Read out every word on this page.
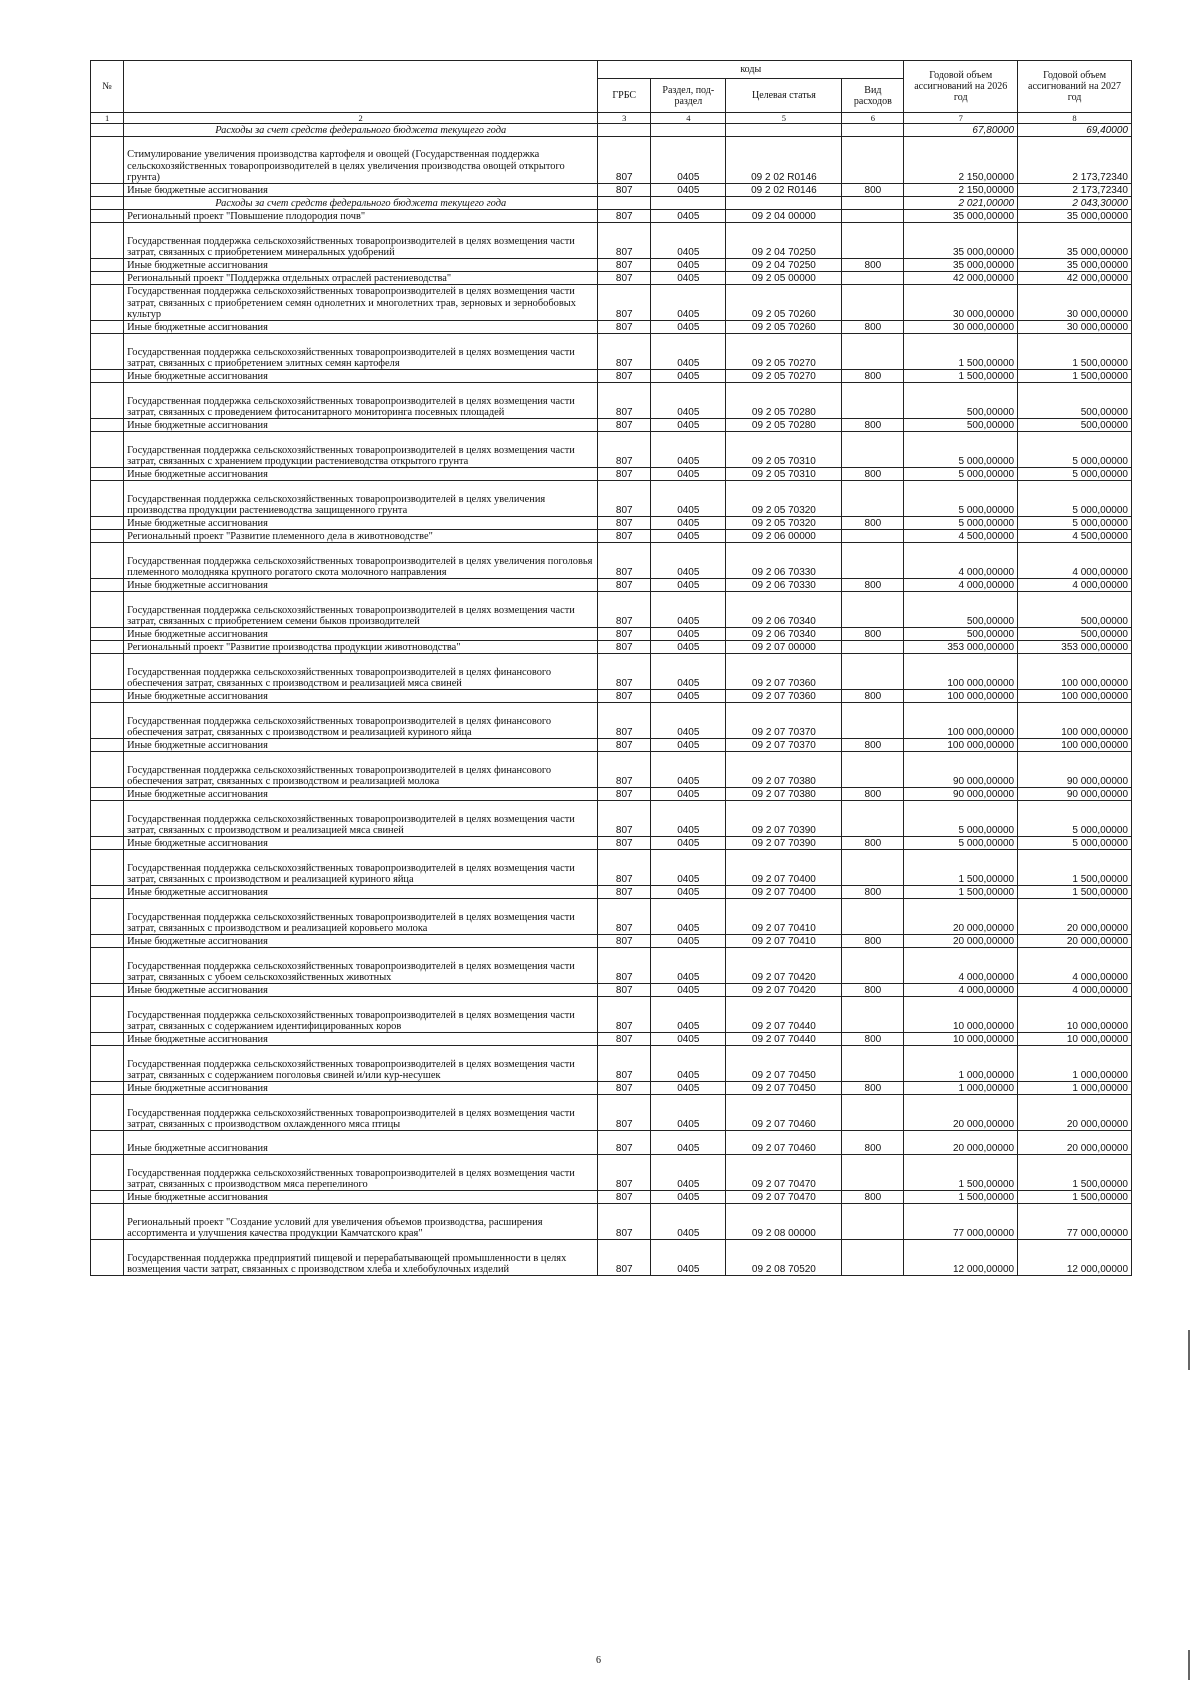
№		коды				Годовой объем ассигнований на 2026 год	Годовой объем ассигнований на 2027 год
		ГРБС	Раздел, под-раздел	Целевая статья	Вид расходов		
1	2	3	4	5	6	7	8
	Расходы за счет средств федерального бюджета текущего года					67,80000	69,40000
	Стимулирование увеличения производства картофеля и овощей (Государственная поддержка сельскохозяйственных товаропроизводителей в целях увеличения производства овощей открытого грунта)	807	0405	09 2 02 R0146		2 150,00000	2 173,72340
	Иные бюджетные ассигнования	807	0405	09 2 02 R0146	800	2 150,00000	2 173,72340
	Расходы за счет средств федерального бюджета текущего года					2 021,00000	2 043,30000
	Региональный проект "Повышение плодородия почв"	807	0405	09 2 04 00000		35 000,00000	35 000,00000
	Государственная поддержка сельскохозяйственных товаропроизводителей в целях возмещения части затрат, связанных с приобретением минеральных удобрений	807	0405	09 2 04 70250		35 000,00000	35 000,00000
	Иные бюджетные ассигнования	807	0405	09 2 04 70250	800	35 000,00000	35 000,00000
	Региональный проект "Поддержка отдельных отраслей растениеводства"	807	0405	09 2 05 00000		42 000,00000	42 000,00000
	Государственная поддержка сельскохозяйственных товаропроизводителей в целях возмещения части затрат, связанных с приобретением семян однолетних и многолетних трав, зерновых и зернобобовых культур	807	0405	09 2 05 70260		30 000,00000	30 000,00000
	Иные бюджетные ассигнования	807	0405	09 2 05 70260	800	30 000,00000	30 000,00000
	Государственная поддержка сельскохозяйственных товаропроизводителей в целях возмещения части затрат, связанных с приобретением элитных семян картофеля	807	0405	09 2 05 70270		1 500,00000	1 500,00000
	Иные бюджетные ассигнования	807	0405	09 2 05 70270	800	1 500,00000	1 500,00000
	Государственная поддержка сельскохозяйственных товаропроизводителей в целях возмещения части затрат, связанных с проведением фитосанитарного мониторинга посевных площадей	807	0405	09 2 05 70280		500,00000	500,00000
	Иные бюджетные ассигнования	807	0405	09 2 05 70280	800	500,00000	500,00000
	Государственная поддержка сельскохозяйственных товаропроизводителей в целях возмещения части затрат, связанных с хранением продукции растениеводства открытого грунта	807	0405	09 2 05 70310		5 000,00000	5 000,00000
	Иные бюджетные ассигнования	807	0405	09 2 05 70310	800	5 000,00000	5 000,00000
	Государственная поддержка сельскохозяйственных товаропроизводителей в целях увеличения производства продукции растениеводства защищенного грунта	807	0405	09 2 05 70320		5 000,00000	5 000,00000
	Иные бюджетные ассигнования	807	0405	09 2 05 70320	800	5 000,00000	5 000,00000
	Региональный проект "Развитие племенного дела в животноводстве"	807	0405	09 2 06 00000		4 500,00000	4 500,00000
	Государственная поддержка сельскохозяйственных товаропроизводителей в целях увеличения поголовья племенного молодняка крупного рогатого скота молочного направления	807	0405	09 2 06 70330		4 000,00000	4 000,00000
	Иные бюджетные ассигнования	807	0405	09 2 06 70330	800	4 000,00000	4 000,00000
	Государственная поддержка сельскохозяйственных товаропроизводителей в целях возмещения части затрат, связанных с приобретением семени быков производителей	807	0405	09 2 06 70340		500,00000	500,00000
	Иные бюджетные ассигнования	807	0405	09 2 06 70340	800	500,00000	500,00000
	Региональный проект "Развитие производства продукции животноводства"	807	0405	09 2 07 00000		353 000,00000	353 000,00000
	Государственная поддержка сельскохозяйственных товаропроизводителей в целях финансового обеспечения затрат, связанных с производством и реализацией мяса свиней	807	0405	09 2 07 70360		100 000,00000	100 000,00000
	Иные бюджетные ассигнования	807	0405	09 2 07 70360	800	100 000,00000	100 000,00000
	Государственная поддержка сельскохозяйственных товаропроизводителей в целях финансового обеспечения затрат, связанных с производством и реализацией куриного яйца	807	0405	09 2 07 70370		100 000,00000	100 000,00000
	Иные бюджетные ассигнования	807	0405	09 2 07 70370	800	100 000,00000	100 000,00000
	Государственная поддержка сельскохозяйственных товаропроизводителей в целях финансового обеспечения затрат, связанных с производством и реализацией молока	807	0405	09 2 07 70380		90 000,00000	90 000,00000
	Иные бюджетные ассигнования	807	0405	09 2 07 70380	800	90 000,00000	90 000,00000
	Государственная поддержка сельскохозяйственных товаропроизводителей в целях возмещения части затрат, связанных с производством и реализацией мяса свиней	807	0405	09 2 07 70390		5 000,00000	5 000,00000
	Иные бюджетные ассигнования	807	0405	09 2 07 70390	800	5 000,00000	5 000,00000
	Государственная поддержка сельскохозяйственных товаропроизводителей в целях возмещения части затрат, связанных с производством и реализацией куриного яйца	807	0405	09 2 07 70400		1 500,00000	1 500,00000
	Иные бюджетные ассигнования	807	0405	09 2 07 70400	800	1 500,00000	1 500,00000
	Государственная поддержка сельскохозяйственных товаропроизводителей в целях возмещения части затрат, связанных с производством и реализацией коровьего молока	807	0405	09 2 07 70410		20 000,00000	20 000,00000
	Иные бюджетные ассигнования	807	0405	09 2 07 70410	800	20 000,00000	20 000,00000
	Государственная поддержка сельскохозяйственных товаропроизводителей в целях возмещения части затрат, связанных с убоем сельскохозяйственных животных	807	0405	09 2 07 70420		4 000,00000	4 000,00000
	Иные бюджетные ассигнования	807	0405	09 2 07 70420	800	4 000,00000	4 000,00000
	Государственная поддержка сельскохозяйственных товаропроизводителей в целях возмещения части затрат, связанных с содержанием идентифицированных коров	807	0405	09 2 07 70440		10 000,00000	10 000,00000
	Иные бюджетные ассигнования	807	0405	09 2 07 70440	800	10 000,00000	10 000,00000
	Государственная поддержка сельскохозяйственных товаропроизводителей в целях возмещения части затрат, связанных с содержанием поголовья свиней и/или кур-несушек	807	0405	09 2 07 70450		1 000,00000	1 000,00000
	Иные бюджетные ассигнования	807	0405	09 2 07 70450	800	1 000,00000	1 000,00000
	Государственная поддержка сельскохозяйственных товаропроизводителей в целях возмещения части затрат, связанных с производством охлажденного мяса птицы	807	0405	09 2 07 70460		20 000,00000	20 000,00000
	Иные бюджетные ассигнования	807	0405	09 2 07 70460	800	20 000,00000	20 000,00000
	Государственная поддержка сельскохозяйственных товаропроизводителей в целях возмещения части затрат, связанных с производством мяса перепелиного	807	0405	09 2 07 70470		1 500,00000	1 500,00000
	Иные бюджетные ассигнования	807	0405	09 2 07 70470	800	1 500,00000	1 500,00000
	Региональный проект "Создание условий для увеличения объемов производства, расширения ассортимента и улучшения качества продукции Камчатского края"	807	0405	09 2 08 00000		77 000,00000	77 000,00000
	Государственная поддержка предприятий пищевой и перерабатывающей промышленности в целях возмещения части затрат, связанных с производством хлеба и хлебобулочных изделий	807	0405	09 2 08 70520		12 000,00000	12 000,00000
6
